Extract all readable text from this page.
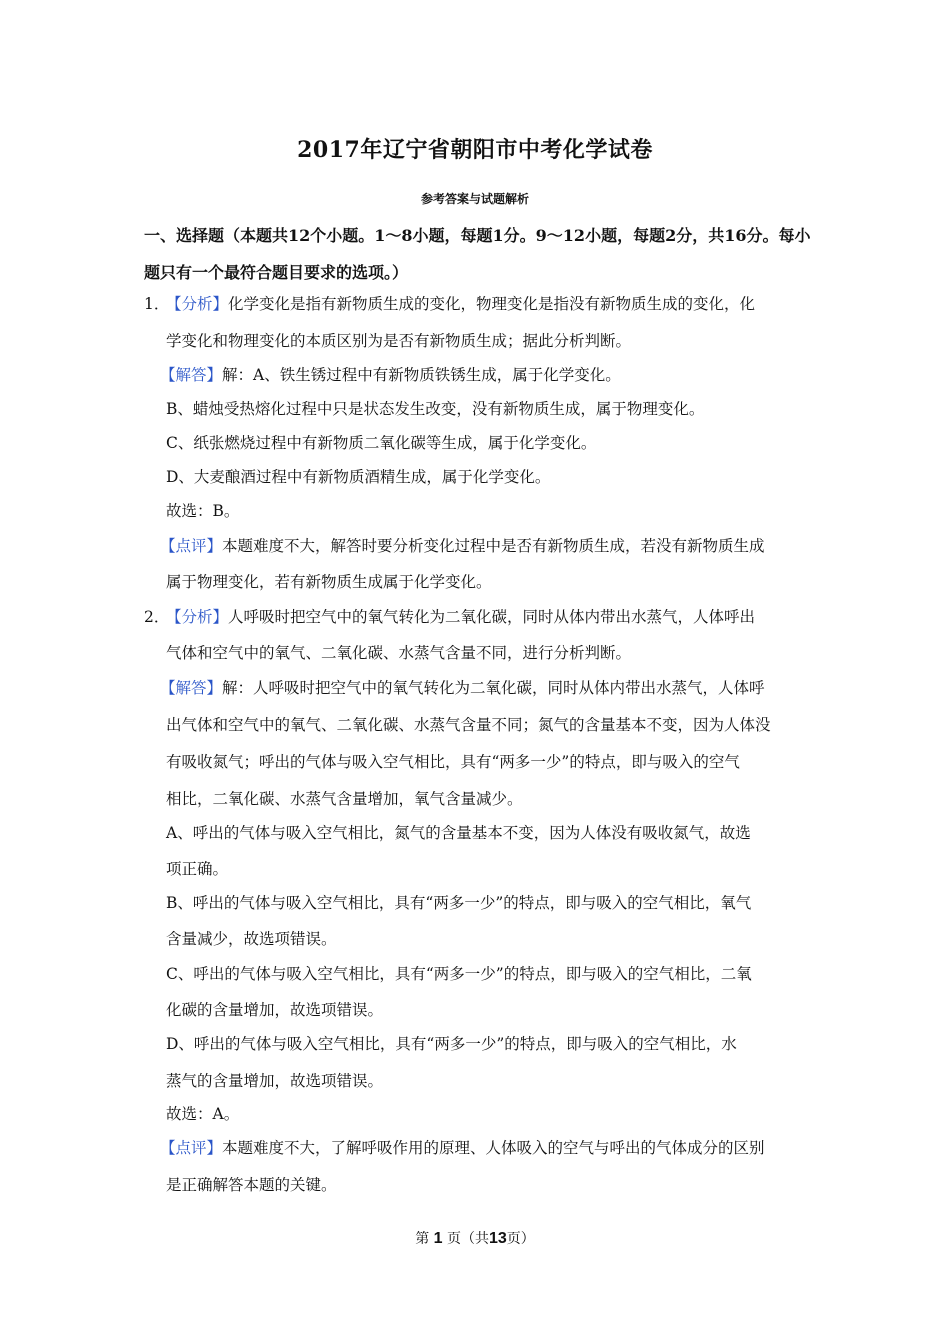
2017年辽宁省朝阳市中考化学试卷
参考答案与试题解析
一、选择题（本题共12个小题。1～8小题，每题1分。9～12小题，每题2分，共16分。每小题只有一个最符合题目要求的选项。）
1．
【分析】化学变化是指有新物质生成的变化，物理变化是指没有新物质生成的变化，化
学变化和物理变化的本质区别为是否有新物质生成；据此分析判断。
【解答】解：A、铁生锈过程中有新物质铁锈生成，属于化学变化。
B、蜡烛受热熔化过程中只是状态发生改变，没有新物质生成，属于物理变化。
C、纸张燃烧过程中有新物质二氧化碳等生成，属于化学变化。
D、大麦酿酒过程中有新物质酒精生成，属于化学变化。
故选：B。
【点评】本题难度不大，解答时要分析变化过程中是否有新物质生成，若没有新物质生成
属于物理变化，若有新物质生成属于化学变化。
2．
【分析】人呼吸时把空气中的氧气转化为二氧化碳，同时从体内带出水蒸气，人体呼出
气体和空气中的氧气、二氧化碳、水蒸气含量不同，进行分析判断。
【解答】解：人呼吸时把空气中的氧气转化为二氧化碳，同时从体内带出水蒸气，人体呼
出气体和空气中的氧气、二氧化碳、水蒸气含量不同；氮气的含量基本不变，因为人体没
有吸收氮气；呼出的气体与吸入空气相比，具有“两多一少”的特点，即与吸入的空气
相比，二氧化碳、水蒸气含量增加，氧气含量减少。
A、呼出的气体与吸入空气相比，氮气的含量基本不变，因为人体没有吸收氮气，故选
项正确。
B、呼出的气体与吸入空气相比，具有“两多一少”的特点，即与吸入的空气相比，氧气
含量减少，故选项错误。
C、呼出的气体与吸入空气相比，具有“两多一少”的特点，即与吸入的空气相比，二氧
化碳的含量增加，故选项错误。
D、呼出的气体与吸入空气相比，具有“两多一少”的特点，即与吸入的空气相比，水
蒸气的含量增加，故选项错误。
故选：A。
【点评】本题难度不大，了解呼吸作用的原理、人体吸入的空气与呼出的气体成分的区别
是正确解答本题的关键。
第 1 页（共13页）
